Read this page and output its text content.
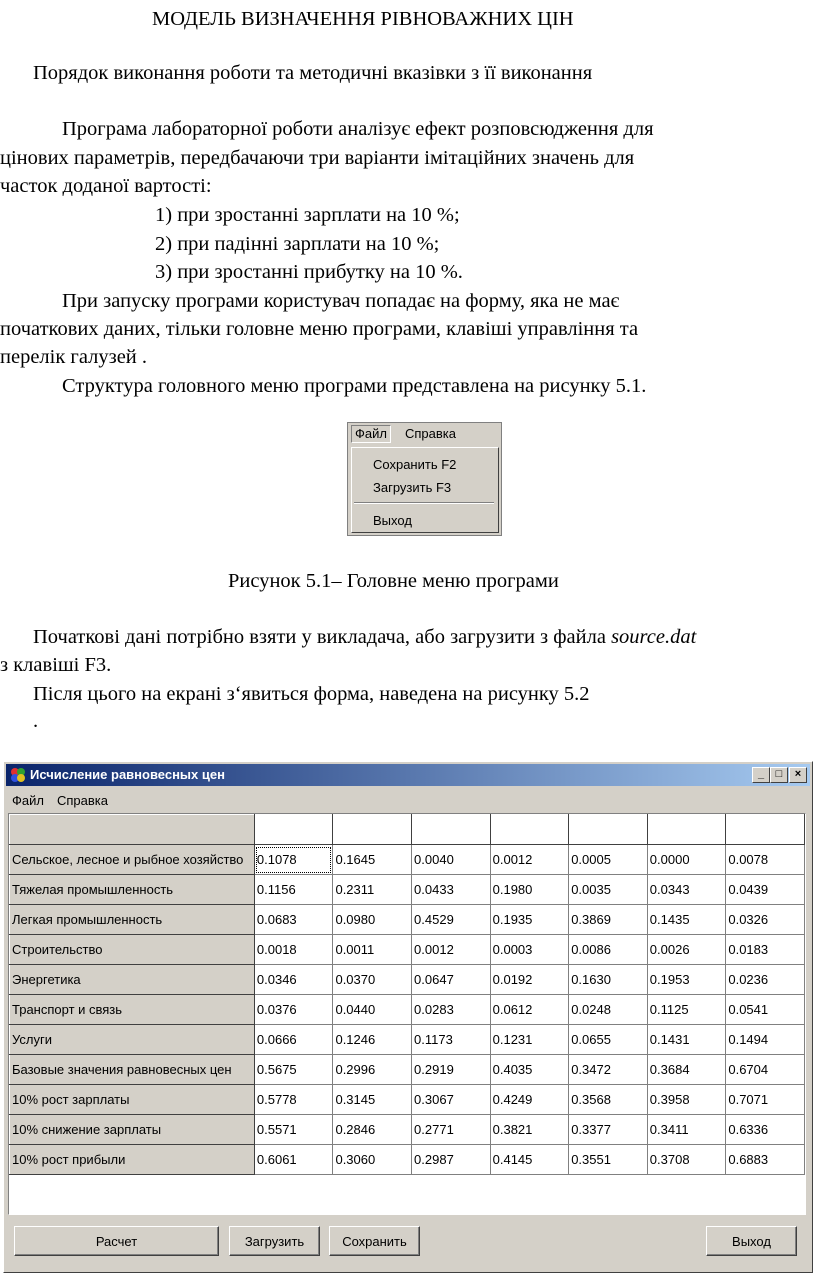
МОДЕЛЬ ВИЗНАЧЕННЯ РІВНОВАЖНИХ ЦІН
Порядок виконання роботи та методичні вказівки з її виконання
Програма лабораторної роботи аналізує ефект розповсюдження для
цінових параметрів, передбачаючи три варіанти імітаційних значень для
часток доданої вартості:
1) при зростанні зарплати на 10 %;
2) при падінні зарплати на 10 %;
3) при зростанні прибутку на 10 %.
При запуску програми користувач попадає на форму, яка не має
початкових даних, тільки головне меню програми, клавіші управління та
перелік галузей .
Структура головного меню програми представлена на рисунку 5.1.
Файл	Справка
Сохранить F2
Загрузить F3
Выход
Рисунок 5.1– Головне меню програми
Початкові дані потрібно взяти у викладача, або загрузити з файла source.dat
з клавіші F3.
Після цього на екрані з‘явиться форма, наведена на рисунку 5.2
.
Исчисление равновесных цен	_	□	×
Файл Справка

Сельское, лесное и рыбное хозяйство	0.1078	0.1645	0.0040	0.0012	0.0005	0.0000	0.0078
Тяжелая промышленность	0.1156	0.2311	0.0433	0.1980	0.0035	0.0343	0.0439
Легкая промышленность	0.0683	0.0980	0.4529	0.1935	0.3869	0.1435	0.0326
Строительство	0.0018	0.0011	0.0012	0.0003	0.0086	0.0026	0.0183
Энергетика	0.0346	0.0370	0.0647	0.0192	0.1630	0.1953	0.0236
Транспорт и связь	0.0376	0.0440	0.0283	0.0612	0.0248	0.1125	0.0541
Услуги	0.0666	0.1246	0.1173	0.1231	0.0655	0.1431	0.1494
Базовые значения равновесных цен	0.5675	0.2996	0.2919	0.4035	0.3472	0.3684	0.6704
10% рост зарплаты	0.5778	0.3145	0.3067	0.4249	0.3568	0.3958	0.7071
10% снижение зарплаты	0.5571	0.2846	0.2771	0.3821	0.3377	0.3411	0.6336
10% рост прибыли	0.6061	0.3060	0.2987	0.4145	0.3551	0.3708	0.6883
Расчет	Загрузить	Сохранить	Выход
